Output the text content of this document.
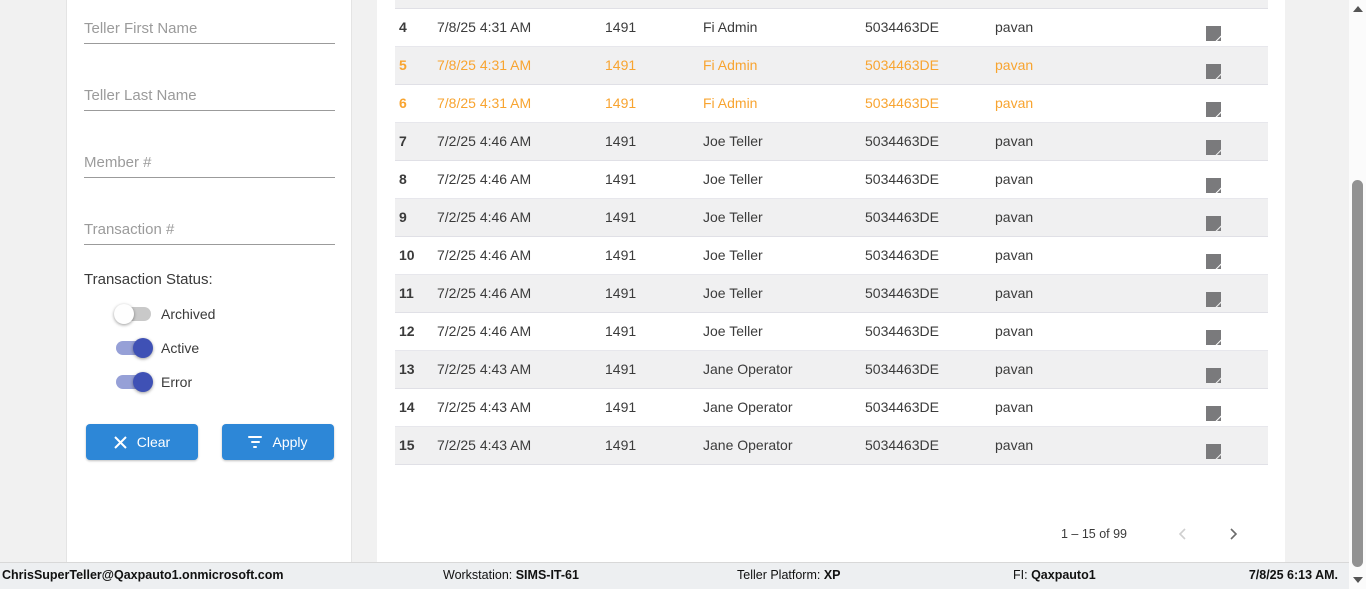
Teller First Name
Teller Last Name
Member #
Transaction #
Transaction Status:
Archived
Active
Error
Clear	Apply
4	7/8/25 4:31 AM	1491	Fi Admin	5034463DE	pavan
5	7/8/25 4:31 AM	1491	Fi Admin	5034463DE	pavan
6	7/8/25 4:31 AM	1491	Fi Admin	5034463DE	pavan
7	7/2/25 4:46 AM	1491	Joe Teller	5034463DE	pavan
8	7/2/25 4:46 AM	1491	Joe Teller	5034463DE	pavan
9	7/2/25 4:46 AM	1491	Joe Teller	5034463DE	pavan
10	7/2/25 4:46 AM	1491	Joe Teller	5034463DE	pavan
11	7/2/25 4:46 AM	1491	Joe Teller	5034463DE	pavan
12	7/2/25 4:46 AM	1491	Joe Teller	5034463DE	pavan
13	7/2/25 4:43 AM	1491	Jane Operator	5034463DE	pavan
14	7/2/25 4:43 AM	1491	Jane Operator	5034463DE	pavan
15	7/2/25 4:43 AM	1491	Jane Operator	5034463DE	pavan
1 – 15 of 99
ChrisSuperTeller@Qaxpauto1.onmicrosoft.com	Workstation: SIMS-IT-61	Teller Platform: XP	FI: Qaxpauto1	7/8/25 6:13 AM.
